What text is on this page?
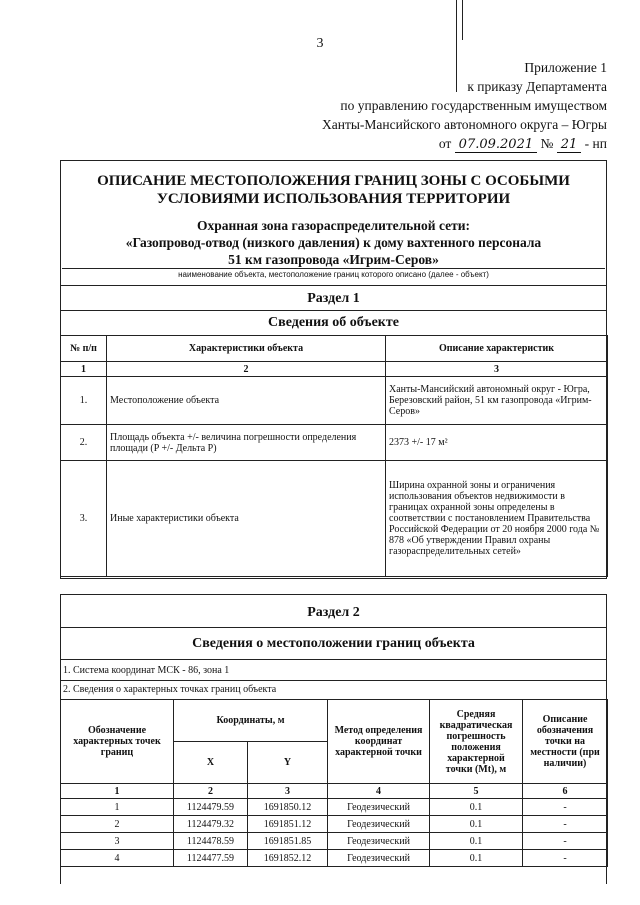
3
Приложение 1
к приказу Департамента
по управлению государственным имуществом
Ханты-Мансийского автономного округа – Югры
от 07.09.2021 № 21 - нп
ОПИСАНИЕ МЕСТОПОЛОЖЕНИЯ ГРАНИЦ ЗОНЫ С ОСОБЫМИ
УСЛОВИЯМИ ИСПОЛЬЗОВАНИЯ ТЕРРИТОРИИ
Охранная зона газораспределительной сети:
«Газопровод-отвод (низкого давления) к дому вахтенного персонала
51 км газопровода «Игрим-Серов»
наименование объекта, местоположение границ которого описано (далее - объект)
Раздел 1
Сведения об объекте
№ п/п	Характеристики объекта	Описание характеристик
1	2	3
1.	Местоположение объекта	Ханты-Мансийский автономный округ - Югра, Березовский район, 51 км газопровода «Игрим-Серов»
2.	Площадь объекта +/- величина погрешности определения площади (P +/- Дельта P)	2373 +/- 17 м²
3.	Иные характеристики объекта	Ширина охранной зоны и ограничения использования объектов недвижимости в границах охранной зоны определены в соответствии с постановлением Правительства Российской Федерации от 20 ноября 2000 года № 878 «Об утверждении Правил охраны газораспределительных сетей»
Раздел 2
Сведения о местоположении границ объекта
1. Система координат МСК - 86, зона 1
2. Сведения о характерных точках границ объекта
Обозначение характерных точек границ	Координаты, м		Метод определения координат характерной точки	Средняя квадратическая погрешность положения характерной точки (Mt), м	Описание обозначения точки на местности (при наличии)
	X	Y			
1	2	3	4	5	6
1	1124479.59	1691850.12	Геодезический	0.1	-
2	1124479.32	1691851.12	Геодезический	0.1	-
3	1124478.59	1691851.85	Геодезический	0.1	-
4	1124477.59	1691852.12	Геодезический	0.1	-
